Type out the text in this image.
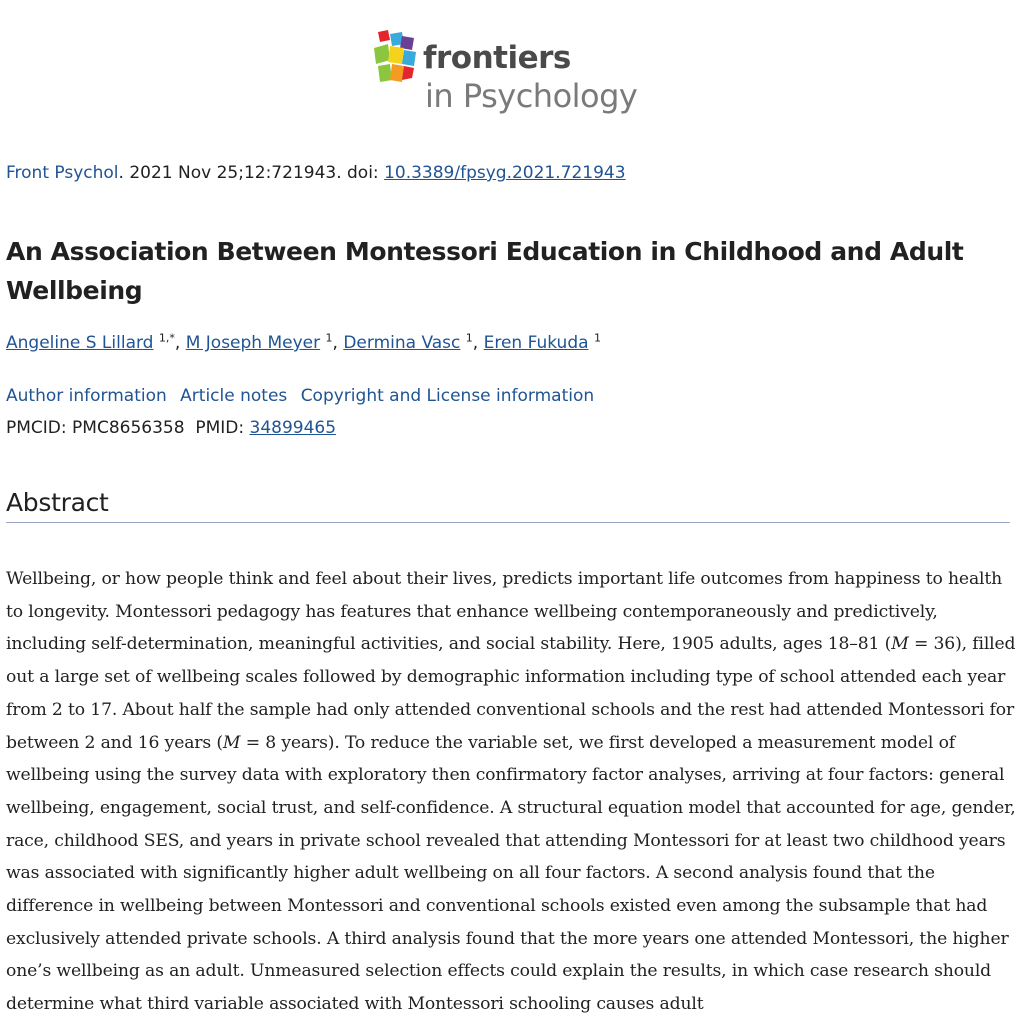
frontiers
in Psychology
Front Psychol. 2021 Nov 25;12:721943. doi: 10.3389/fpsyg.2021.721943
An Association Between Montessori Education in Childhood and Adult Wellbeing
Angeline S Lillard $^{1,*}$, M Joseph Meyer $^1$, Dermina Vasc $^1$, Eren Fukuda $^1$
Author information Article notes Copyright and License information
PMCID: PMC8656358 PMID: 34899465
Abstract

Wellbeing, or how people think and feel about their lives, predicts important life outcomes from happiness to health to longevity. Montessori pedagogy has features that enhance wellbeing contemporaneously and predictively, including self-determination, meaningful activities, and social stability. Here, 1905 adults, ages 18–81 (M = 36), filled out a large set of wellbeing scales followed by demographic information including type of school attended each year from 2 to 17. About half the sample had only attended conventional schools and the rest had attended Montessori for between 2 and 16 years (M = 8 years). To reduce the variable set, we first developed a measurement model of wellbeing using the survey data with exploratory then confirmatory factor analyses, arriving at four factors: general wellbeing, engagement, social trust, and self-confidence. A structural equation model that accounted for age, gender, race, childhood SES, and years in private school revealed that attending Montessori for at least two childhood years was associated with significantly higher adult wellbeing on all four factors. A second analysis found that the difference in wellbeing between Montessori and conventional schools existed even among the subsample that had exclusively attended private schools. A third analysis found that the more years one attended Montessori, the higher one’s wellbeing as an adult. Unmeasured selection effects could explain the results, in which case research should determine what third variable associated with Montessori schooling causes adult
